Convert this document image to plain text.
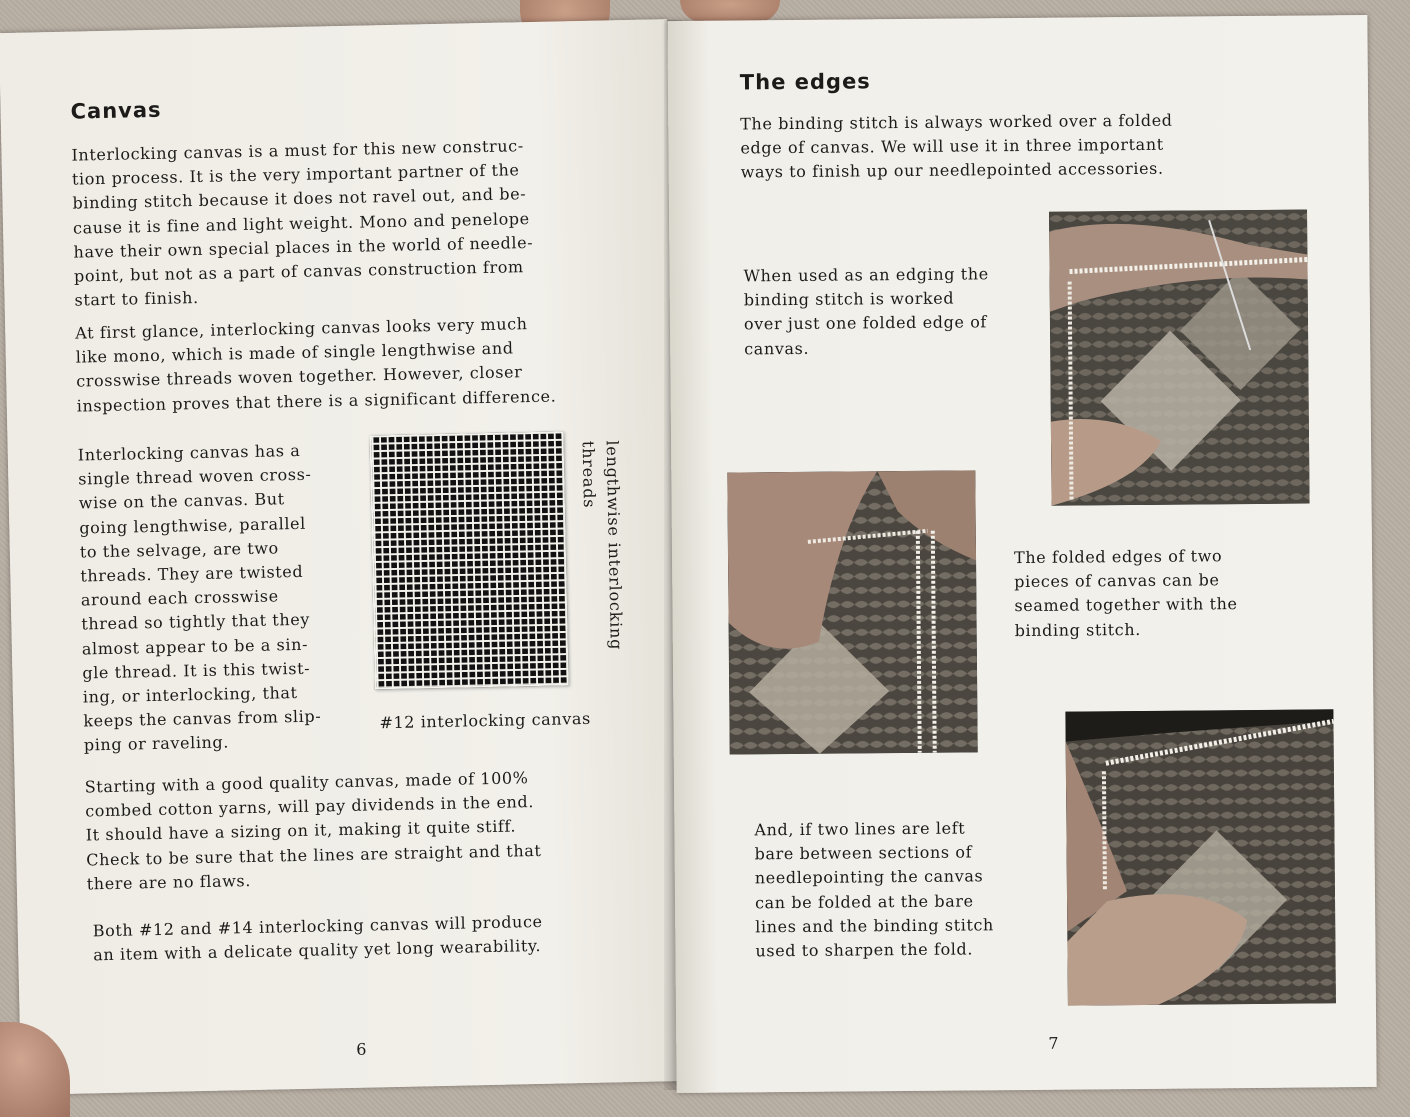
Canvas

Interlocking canvas is a must for this new construc-
tion process. It is the very important partner of the
binding stitch because it does not ravel out, and be-
cause it is fine and light weight. Mono and penelope
have their own special places in the world of needle-
point, but not as a part of canvas construction from
start to finish.

At first glance, interlocking canvas looks very much
like mono, which is made of single lengthwise and
crosswise threads woven together. However, closer
inspection proves that there is a significant difference.

Interlocking canvas has a
single thread woven cross-
wise on the canvas. But
going lengthwise, parallel
to the selvage, are two
threads. They are twisted
around each crosswise
thread so tightly that they
almost appear to be a sin-
gle thread. It is this twist-
ing, or interlocking, that
keeps the canvas from slip-
ping or raveling.

lengthwise interlocking
threads
#12 interlocking canvas

Starting with a good quality canvas, made of 100%
combed cotton yarns, will pay dividends in the end.
It should have a sizing on it, making it quite stiff.
Check to be sure that the lines are straight and that
there are no flaws.

Both #12 and #14 interlocking canvas will produce
an item with a delicate quality yet long wearability.

6
The edges

The binding stitch is always worked over a folded
edge of canvas. We will use it in three important
ways to finish up our needlepointed accessories.

When used as an edging the
binding stitch is worked
over just one folded edge of
canvas.

The folded edges of two
pieces of canvas can be
seamed together with the
binding stitch.

And, if two lines are left
bare between sections of
needlepointing the canvas
can be folded at the bare
lines and the binding stitch
used to sharpen the fold.

7
